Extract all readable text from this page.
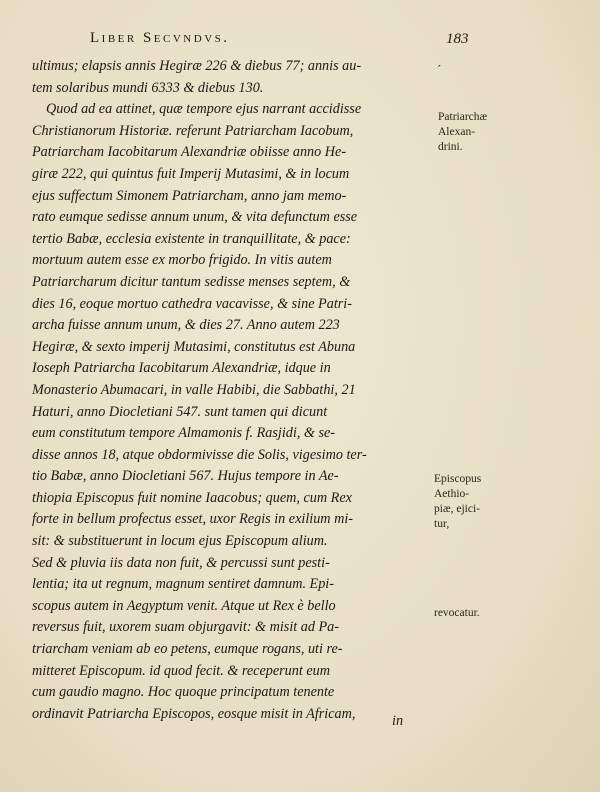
Liber Secvndvs.	183
´
ultimus; elapsis annis Hegiræ 226 & diebus 77; annis au-
tem solaribus mundi 6333 & diebus 130.
Quod ad ea attinet, quæ tempore ejus narrant accidisse
Christianorum Historiæ. referunt Patriarcham Iacobum,
Patriarcham Iacobitarum Alexandriæ obiisse anno He-
giræ 222, qui quintus fuit Imperij Mutasimi, & in locum
ejus suffectum Simonem Patriarcham, anno jam memo-
rato eumque sedisse annum unum, & vita defunctum esse
tertio Babæ, ecclesia existente in tranquillitate, & pace:
mortuum autem esse ex morbo frigido. In vitis autem
Patriarcharum dicitur tantum sedisse menses septem, &
dies 16, eoque mortuo cathedra vacavisse, & sine Patri-
archa fuisse annum unum, & dies 27. Anno autem 223
Hegiræ, & sexto imperij Mutasimi, constitutus est Abuna
Ioseph Patriarcha Iacobitarum Alexandriæ, idque in
Monasterio Abumacari, in valle Habibi, die Sabbathi, 21
Haturi, anno Diocletiani 547. sunt tamen qui dicunt
eum constitutum tempore Almamonis f. Rasjidi, & se-
disse annos 18, atque obdormivisse die Solis, vigesimo ter-
tio Babæ, anno Diocletiani 567. Hujus tempore in Ae-
thiopia Episcopus fuit nomine Iaacobus; quem, cum Rex
forte in bellum profectus esset, uxor Regis in exilium mi-
sit: & substituerunt in locum ejus Episcopum alium.
Sed & pluvia iis data non fuit, & percussi sunt pesti-
lentia; ita ut regnum, magnum sentiret damnum. Epi-
scopus autem in Aegyptum venit. Atque ut Rex è bello
reversus fuit, uxorem suam objurgavit: & misit ad Pa-
triarcham veniam ab eo petens, eumque rogans, uti re-
mitteret Episcopum. id quod fecit. & receperunt eum
cum gaudio magno. Hoc quoque principatum tenente
ordinavit Patriarcha Episcopos, eosque misit in Africam,	in
Patriarchæ
Alexan-
drini.
Episcopus
Aethio-
piæ, ejici-
tur,
revocatur.
